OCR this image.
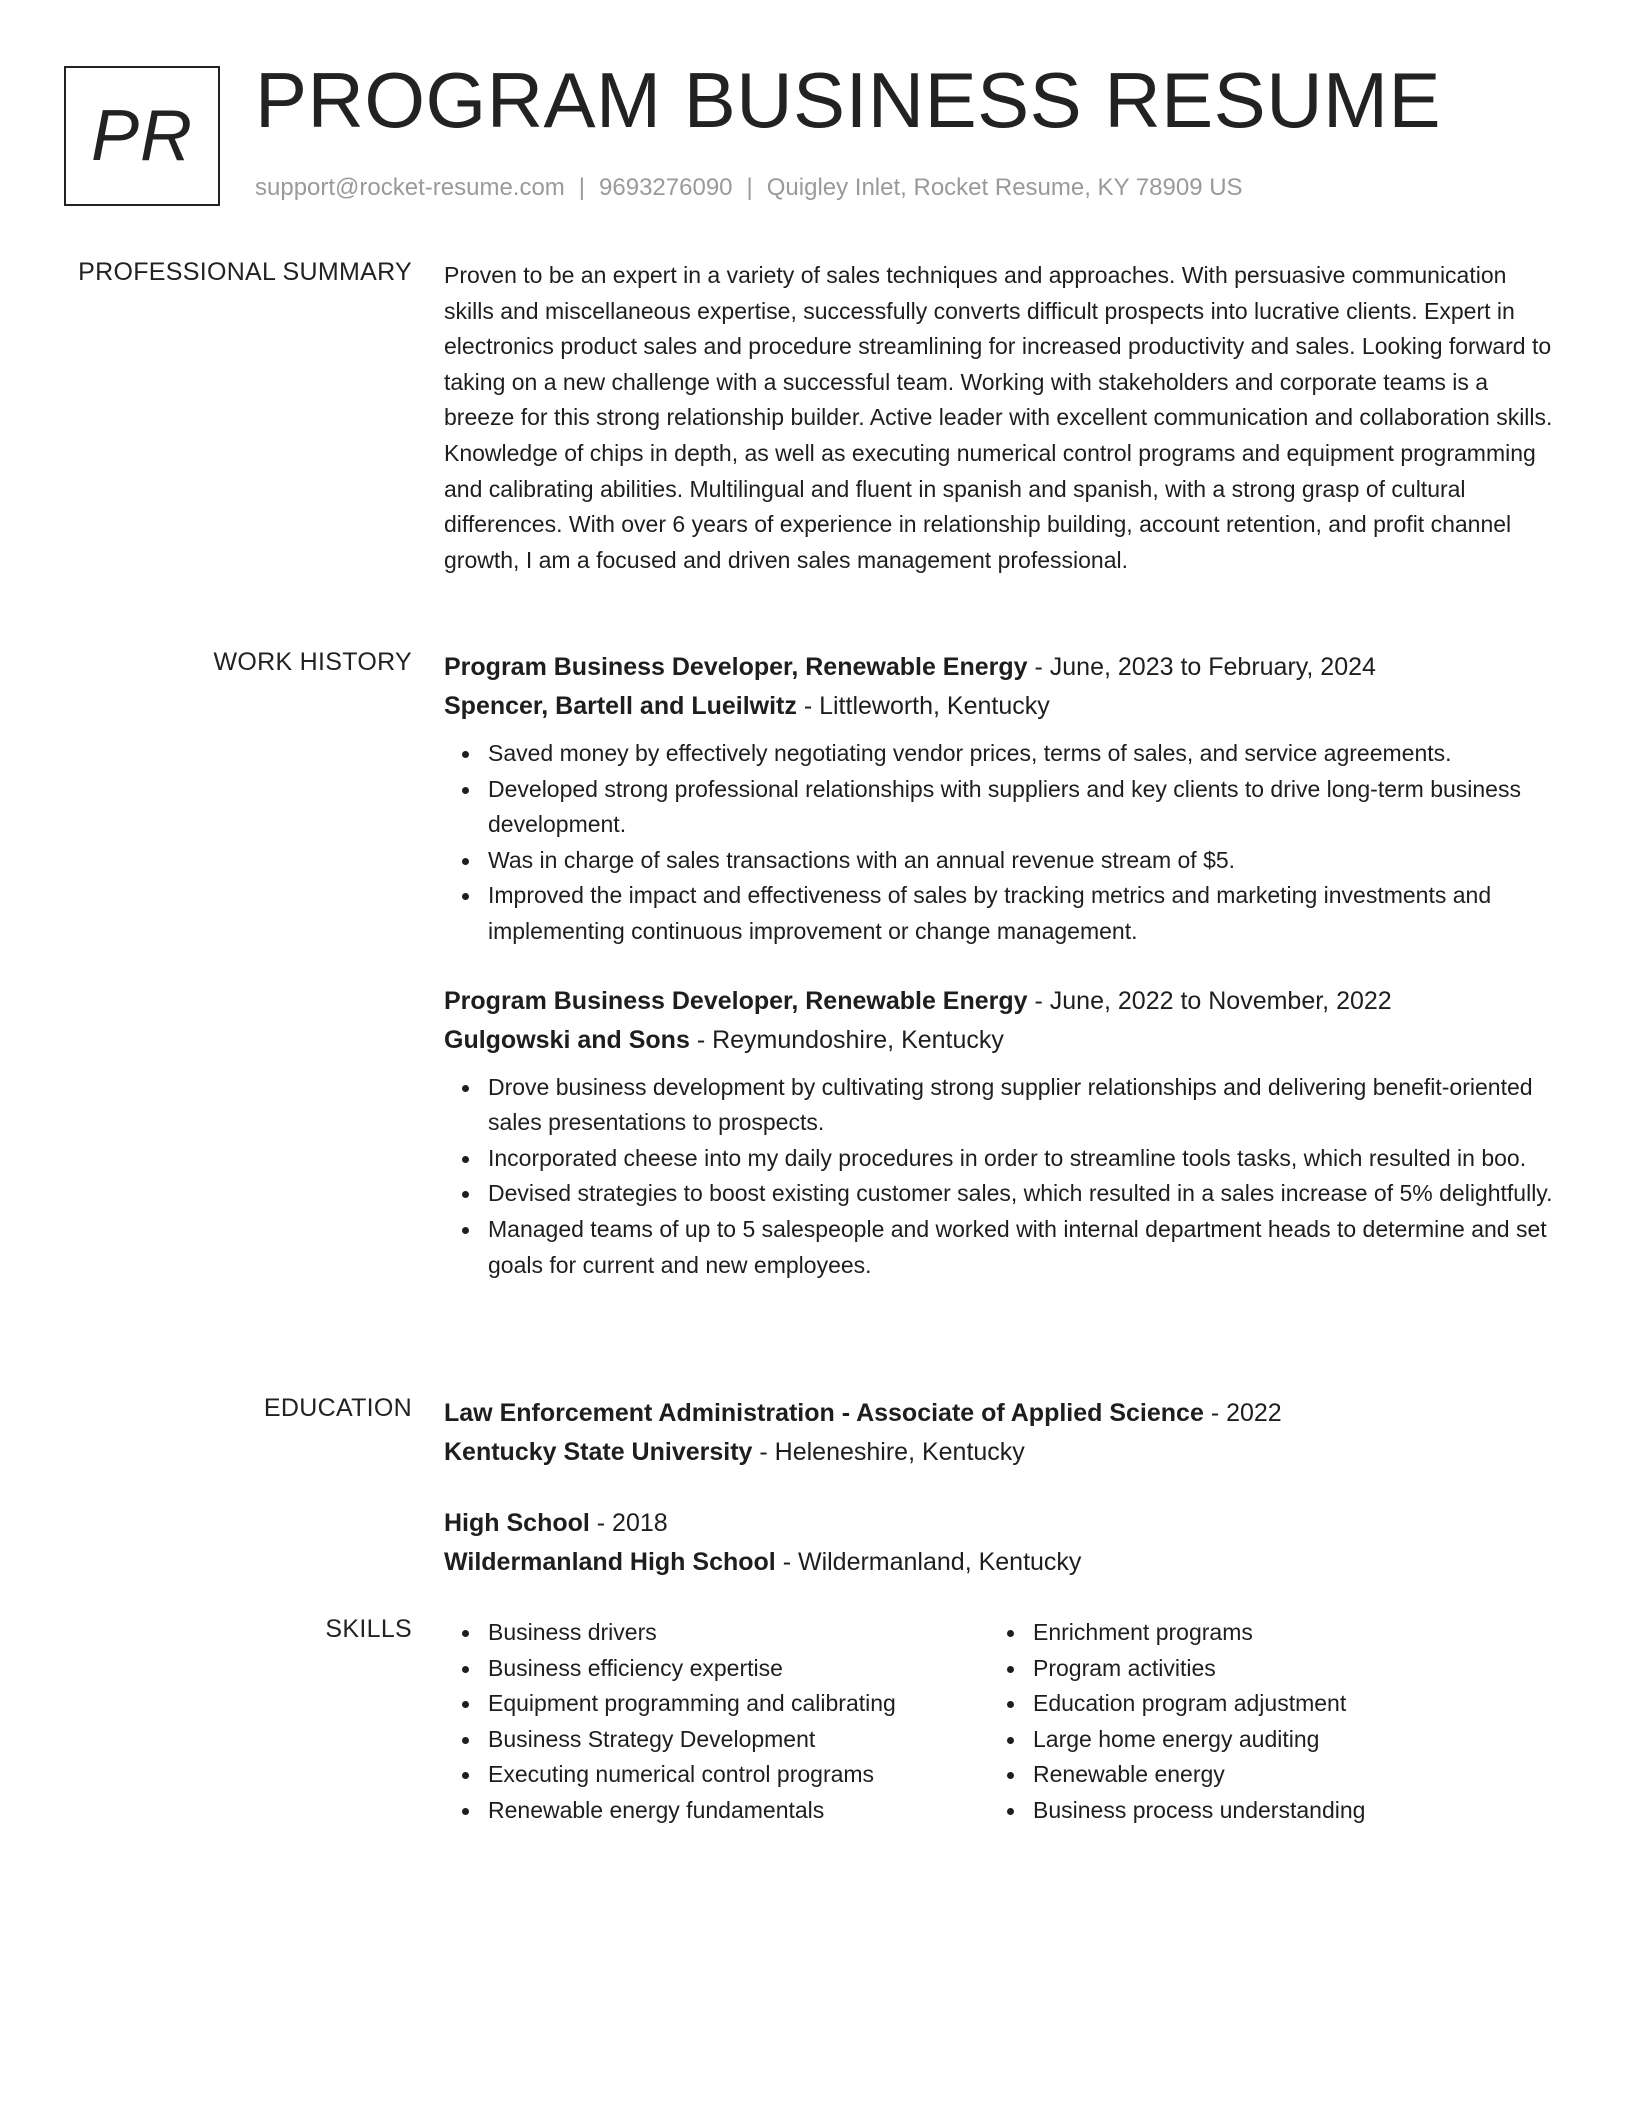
PR PROGRAM BUSINESS RESUME
support@rocket-resume.com | 9693276090 | Quigley Inlet, Rocket Resume, KY 78909 US
PROFESSIONAL SUMMARY Proven to be an expert in a variety of sales techniques and approaches. With persuasive communication skills and miscellaneous expertise, successfully converts difficult prospects into lucrative clients. Expert in electronics product sales and procedure streamlining for increased productivity and sales. Looking forward to taking on a new challenge with a successful team. Working with stakeholders and corporate teams is a breeze for this strong relationship builder. Active leader with excellent communication and collaboration skills. Knowledge of chips in depth, as well as executing numerical control programs and equipment programming and calibrating abilities. Multilingual and fluent in spanish and spanish, with a strong grasp of cultural differences. With over 6 years of experience in relationship building, account retention, and profit channel growth, I am a focused and driven sales management professional.

WORK HISTORY Program Business Developer, Renewable Energy - June, 2023 to February, 2024
Spencer, Bartell and Lueilwitz - Littleworth, Kentucky
Saved money by effectively negotiating vendor prices, terms of sales, and service agreements.
Developed strong professional relationships with suppliers and key clients to drive long-term business development.
Was in charge of sales transactions with an annual revenue stream of $5.
Improved the impact and effectiveness of sales by tracking metrics and marketing investments and implementing continuous improvement or change management.
Program Business Developer, Renewable Energy - June, 2022 to November, 2022
Gulgowski and Sons - Reymundoshire, Kentucky
Drove business development by cultivating strong supplier relationships and delivering benefit-oriented sales presentations to prospects.
Incorporated cheese into my daily procedures in order to streamline tools tasks, which resulted in boo.
Devised strategies to boost existing customer sales, which resulted in a sales increase of 5% delightfully.
Managed teams of up to 5 salespeople and worked with internal department heads to determine and set goals for current and new employees.
EDUCATION Law Enforcement Administration - Associate of Applied Science - 2022
Kentucky State University - Heleneshire, Kentucky
High School - 2018
Wildermanland High School - Wildermanland, Kentucky
SKILLS	Business drivers
Business efficiency expertise
Equipment programming and calibrating
Business Strategy Development
Executing numerical control programs
Renewable energy fundamentals
Enrichment programs
Program activities
Education program adjustment
Large home energy auditing
Renewable energy
Business process understanding
